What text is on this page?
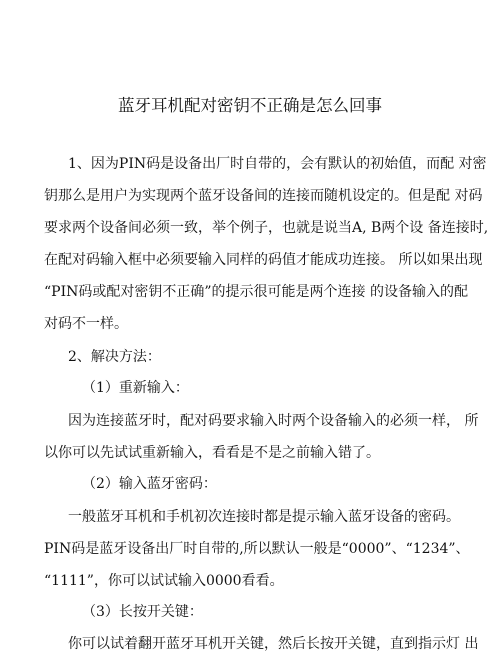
蓝牙耳机配对密钥不正确是怎么回事
1、因为PIN码是设备出厂时自带的，会有默认的初始值，而配 对密
钥那么是用户为实现两个蓝牙设备间的连接而随机设定的。但是配 对码
要求两个设备间必须一致，举个例子，也就是说当A, B两个设 备连接时,
在配对码输入框中必须要输入同样的码值才能成功连接。 所以如果出现
“PIN码或配对密钥不正确”的提示很可能是两个连接 的设备输入的配
对码不一样。
2、解决方法：
（1）重新输入：
因为连接蓝牙时，配对码要求输入时两个设备输入的必须一样， 所
以你可以先试试重新输入，看看是不是之前输入错了。
（2）输入蓝牙密码：
一般蓝牙耳机和手机初次连接时都是提示输入蓝牙设备的密码。
PIN码是蓝牙设备出厂时自带的,所以默认一般是“0000”、“1234”、
“1111”，你可以试试输入0000看看。
（3）长按开关键：
你可以试着翻开蓝牙耳机开关键，然后长按开关键，直到指示灯 出
